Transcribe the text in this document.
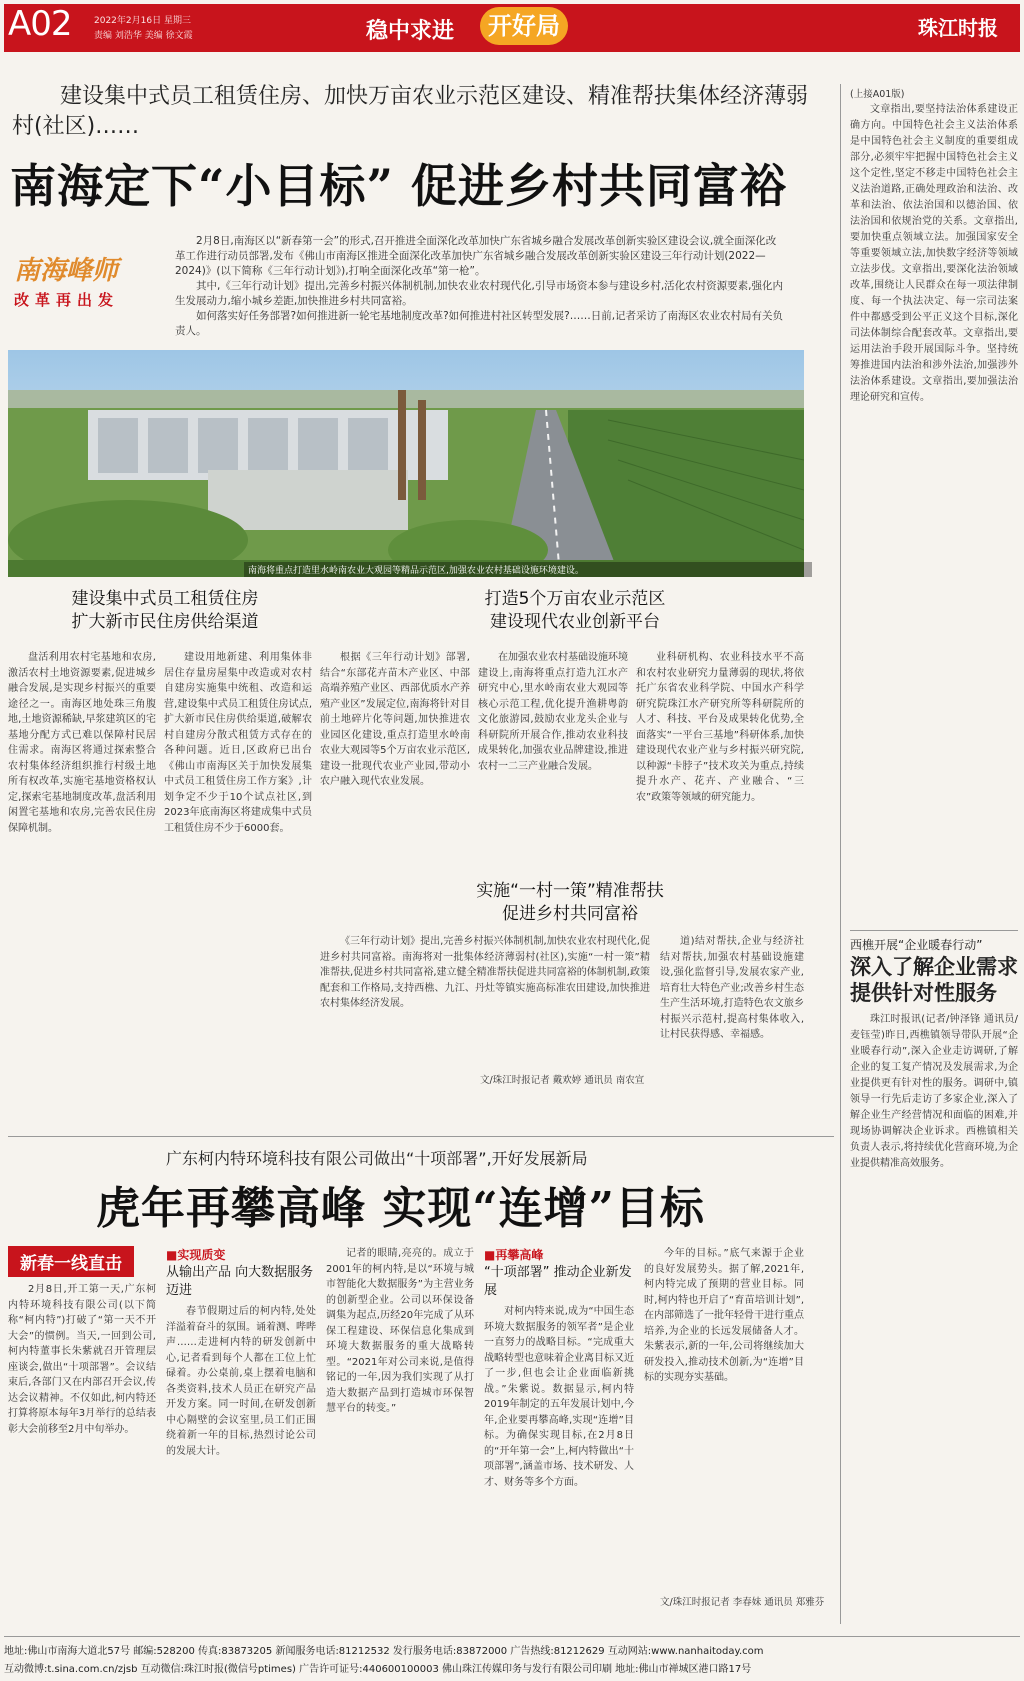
A02 2022年2月16日 星期三
责编 刘浩华 美编 徐文霞	稳中求进	开好局	珠江时报
建设集中式员工租赁住房、加快万亩农业示范区建设、精准帮扶集体经济薄弱村(社区)……
南海定下“小目标” 促进乡村共同富裕
南海峰师
改革再出发

2月8日,南海区以“新春第一会”的形式,召开推进全面深化改革加快广东省城乡融合发展改革创新实验区建设会议,就全面深化改革工作进行动员部署,发布《佛山市南海区推进全面深化改革加快广东省城乡融合发展改革创新实验区建设三年行动计划(2022—2024)》(以下简称《三年行动计划》),打响全面深化改革“第一枪”。

其中,《三年行动计划》提出,完善乡村振兴体制机制,加快农业农村现代化,引导市场资本参与建设乡村,活化农村资源要素,强化内生发展动力,缩小城乡差距,加快推进乡村共同富裕。

如何落实好任务部署?如何推进新一轮宅基地制度改革?如何推进村社区转型发展?……日前,记者采访了南海区农业农村局有关负责人。

南海将重点打造里水岭南农业大观园等精品示范区,加强农业农村基础设施环境建设。
建设集中式员工租赁住房
扩大新市民住房供给渠道
打造5个万亩农业示范区
建设现代农业创新平台

盘活利用农村宅基地和农房,激活农村土地资源要素,促进城乡融合发展,是实现乡村振兴的重要途径之一。南海区地处珠三角腹地,土地资源稀缺,早浆建筑区的宅基地分配方式已难以保障村民居住需求。南海区将通过探索整合农村集体经济组织推行村级土地所有权改革,实施宅基地资格权认定,探索宅基地制度改革,盘活利用闲置宅基地和农房,完善农民住房保障机制。

建设用地新建、利用集体非居住存量房屋集中改造或对农村自建房实施集中统租、改造和运营,建设集中式员工租赁住房试点,扩大新市民住房供给渠道,破解农村自建房分散式租赁方式存在的各种问题。近日,区政府已出台《佛山市南海区关于加快发展集中式员工租赁住房工作方案》,计划争定不少于10个试点社区,到2023年底南海区将建成集中式员工租赁住房不少于6000套。

根据《三年行动计划》部署,结合“东部花卉苗木产业区、中部高端养殖产业区、西部优质水产养殖产业区”发展定位,南海将针对目前土地碎片化等问题,加快推进农业园区化建设,重点打造里水岭南农业大观园等5个万亩农业示范区,建设一批现代农业产业园,带动小农户融入现代农业发展。

在加强农业农村基础设施环境建设上,南海将重点打造九江水产研究中心,里水岭南农业大观园等核心示范工程,优化提升渔耕粤韵文化旅游园,鼓励农业龙头企业与科研院所开展合作,推动农业科技成果转化,加强农业品牌建设,推进农村一二三产业融合发展。

业科研机构、农业科技水平不高和农村农业研究力量薄弱的现状,将依托广东省农业科学院、中国水产科学研究院珠江水产研究所等科研院所的人才、科技、平台及成果转化优势,全面落实“一平台三基地”科研体系,加快建设现代农业产业与乡村振兴研究院,以种源“卡脖子”技术攻关为重点,持续提升水产、花卉、产业融合、“三农”政策等领域的研究能力。

实施“一村一策”精准帮扶
促进乡村共同富裕

《三年行动计划》提出,完善乡村振兴体制机制,加快农业农村现代化,促进乡村共同富裕。南海将对一批集体经济薄弱村(社区),实施“一村一策”精准帮扶,促进乡村共同富裕,建立健全精准帮扶促进共同富裕的体制机制,政策配套和工作格局,支持西樵、九江、丹灶等镇实施高标准农田建设,加快推进农村集体经济发展。

道)结对帮扶,企业与经济社结对帮扶,加强农村基础设施建设,强化监督引导,发展农家产业,培育壮大特色产业;改善乡村生态生产生活环境,打造特色农文旅乡村振兴示范村,提高村集体收入,让村民获得感、幸福感。

文/珠江时报记者 戴欢婷 通讯员 南农宣
(上接A01版)

文章指出,要坚持法治体系建设正确方向。中国特色社会主义法治体系是中国特色社会主义制度的重要组成部分,必须牢牢把握中国特色社会主义这个定性,坚定不移走中国特色社会主义法治道路,正确处理政治和法治、改革和法治、依法治国和以德治国、依法治国和依规治党的关系。文章指出,要加快重点领域立法。加强国家安全等重要领域立法,加快数字经济等领域立法步伐。文章指出,要深化法治领域改革,围绕让人民群众在每一项法律制度、每一个执法决定、每一宗司法案件中都感受到公平正义这个目标,深化司法体制综合配套改革。文章指出,要运用法治手段开展国际斗争。坚持统筹推进国内法治和涉外法治,加强涉外法治体系建设。文章指出,要加强法治理论研究和宣传。

西樵开展“企业暖春行动”
深入了解企业需求 提供针对性服务

珠江时报讯(记者/钟泽锋 通讯员/麦钰莹)昨日,西樵镇领导带队开展“企业暖春行动”,深入企业走访调研,了解企业的复工复产情况及发展需求,为企业提供更有针对性的服务。调研中,镇领导一行先后走访了多家企业,深入了解企业生产经营情况和面临的困难,并现场协调解决企业诉求。西樵镇相关负责人表示,将持续优化营商环境,为企业提供精准高效服务。

广东柯内特环境科技有限公司做出“十项部署”,开好发展新局
虎年再攀高峰 实现“连增”目标
新春一线直击

2月8日,开工第一天,广东柯内特环境科技有限公司(以下简称“柯内特”)打破了“第一天不开大会”的惯例。当天,一回到公司,柯内特董事长朱紫就召开管理层座谈会,做出“十项部署”。会议结束后,各部门又在内部召开会议,传达会议精神。不仅如此,柯内特还打算将原本每年3月举行的总结表彰大会前移至2月中旬举办。

■实现质变
从输出产品 向大数据服务迈进

春节假期过后的柯内特,处处洋溢着奋斗的氛围。诵着测、哔哔声……走进柯内特的研发创新中心,记者看到每个人都在工位上忙碌着。办公桌前,桌上摆着电脑和各类资料,技术人员正在研究产品开发方案。同一时间,在研发创新中心隔壁的会议室里,员工们正围绕着新一年的目标,热烈讨论公司的发展大计。

记者的眼睛,亮亮的。成立于2001年的柯内特,是以“环境与城市智能化大数据服务”为主营业务的创新型企业。公司以环保设备调集为起点,历经20年完成了从环保工程建设、环保信息化集成到环境大数据服务的重大战略转型。“2021年对公司来说,是值得铭记的一年,因为我们实现了从打造大数据产品到打造城市环保智慧平台的转变。”

■再攀高峰
“十项部署” 推动企业新发展

对柯内特来说,成为“中国生态环境大数据服务的领军者”是企业一直努力的战略目标。“完成重大战略转型也意味着企业离目标又近了一步,但也会让企业面临新挑战。”朱紫说。数据显示,柯内特2019年制定的五年发展计划中,今年,企业要再攀高峰,实现“连增”目标。为确保实现目标,在2月8日的“开年第一会”上,柯内特做出“十项部署”,涵盖市场、技术研发、人才、财务等多个方面。

今年的目标。”底气来源于企业的良好发展势头。据了解,2021年,柯内特完成了预期的营业目标。同时,柯内特也开启了“育苗培训计划”,在内部筛选了一批年轻骨干进行重点培养,为企业的长远发展储备人才。朱紫表示,新的一年,公司将继续加大研发投入,推动技术创新,为“连增”目标的实现夯实基础。

文/珠江时报记者 李春妹 通讯员 郑雅芬
地址:佛山市南海大道北57号 邮编:528200 传真:83873205 新闻服务电话:81212532 发行服务电话:83872000 广告热线:81212629 互动网站:www.nanhaitoday.com
互动微博:t.sina.com.cn/zjsb 互动微信:珠江时报(微信号ptimes) 广告许可证号:440600100003 佛山珠江传媒印务与发行有限公司印刷 地址:佛山市禅城区港口路17号
